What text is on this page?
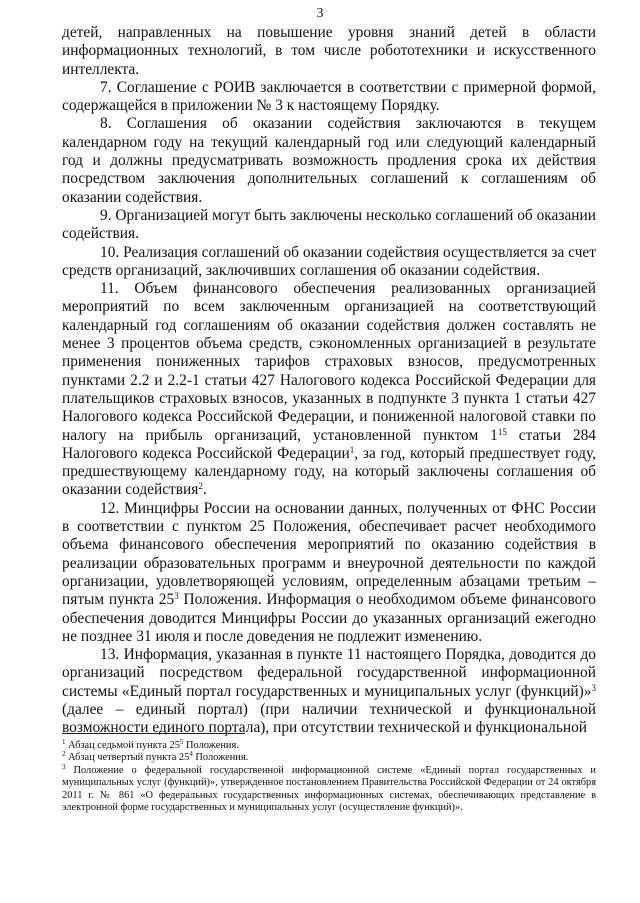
3

детей, направленных на повышение уровня знаний детей в области информационных технологий, в том числе робототехники и искусственного интеллекта.

7. Соглашение с РОИВ заключается в соответствии с примерной формой, содержащейся в приложении № 3 к настоящему Порядку.

8. Соглашения об оказании содействия заключаются в текущем календарном году на текущий календарный год или следующий календарный год и должны предусматривать возможность продления срока их действия посредством заключения дополнительных соглашений к соглашениям об оказании содействия.

9. Организацией могут быть заключены несколько соглашений об оказании содействия.

10. Реализация соглашений об оказании содействия осуществляется за счет средств организаций, заключивших соглашения об оказании содействия.

11. Объем финансового обеспечения реализованных организацией мероприятий по всем заключенным организацией на соответствующий календарный год соглашениям об оказании содействия должен составлять не менее 3 процентов объема средств, сэкономленных организацией в результате применения пониженных тарифов страховых взносов, предусмотренных пунктами 2.2 и 2.2-1 статьи 427 Налогового кодекса Российской Федерации для плательщиков страховых взносов, указанных в подпункте 3 пункта 1 статьи 427 Налогового кодекса Российской Федерации, и пониженной налоговой ставки по налогу на прибыль организаций, установленной пунктом $1^{15}$ статьи 284 Налогового кодекса Российской Федерации$^1$, за год, который предшествует году, предшествующему календарному году, на который заключены соглашения об оказании содействия$^2$.

12. Минцифры России на основании данных, полученных от ФНС России в соответствии с пунктом 25 Положения, обеспечивает расчет необходимого объема финансового обеспечения мероприятий по оказанию содействия в реализации образовательных программ и внеурочной деятельности по каждой организации, удовлетворяющей условиям, определенным абзацами третьим – пятым пункта $25^3$ Положения. Информация о необходимом объеме финансового обеспечения доводится Минцифры России до указанных организаций ежегодно не позднее 31 июля и после доведения не подлежит изменению.

13. Информация, указанная в пункте 11 настоящего Порядка, доводится до организаций посредством федеральной государственной информационной системы «Единый портал государственных и муниципальных услуг (функций)»$^3$ (далее – единый портал) (при наличии технической и функциональной возможности единого портала), при отсутствии технической и функциональной

$^1$ Абзац седьмой пункта $25^5$ Положения.

$^2$ Абзац четвертый пункта $25^4$ Положения.

$^3$ Положение о федеральной государственной информационной системе «Единый портал государственных и муниципальных услуг (функций)», утвержденное постановлением Правительства Российской Федерации от 24 октября 2011 г. № 861 «О федеральных государственных информационных системах, обеспечивающих представление в электронной форме государственных и муниципальных услуг (осуществление функций)».
